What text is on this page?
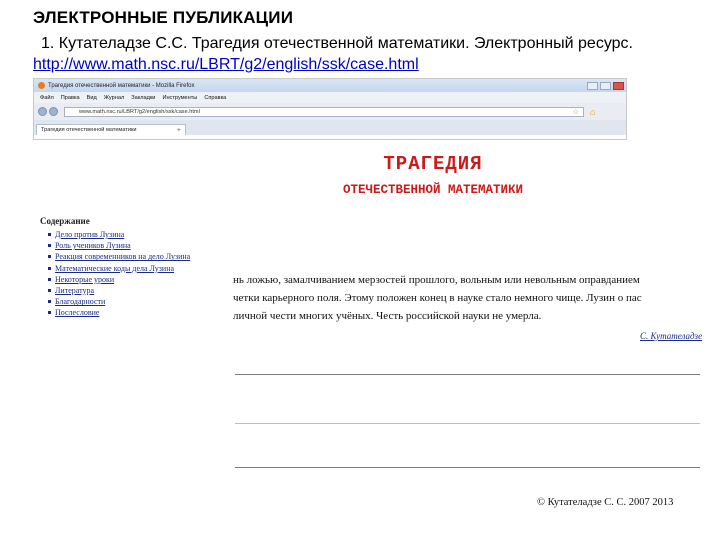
ЭЛЕКТРОННЫЕ ПУБЛИКАЦИИ
1. Кутателадзе С.С. Трагедия отечественной математики. Электронный ресурс. http://www.math.nsc.ru/LBRT/g2/english/ssk/case.html
Трагедия отечественной математики - Mozilla Firefox
Файл Правка Вид Журнал Закладки Инструменты Справка
www.math.nsc.ru/LBRT/g2/english/ssk/case.html	☆ ⌂
Трагедия отечественной математики	+
ТРАГЕДИЯ
ОТЕЧЕСТВЕННОЙ МАТЕМАТИКИ
Содержание
Дело против Лузина
Роль учеников Лузина
Реакция современников на дело Лузина
Математические коды дела Лузина
Некоторые уроки
Литература
Благодарности
Послесловие
нь ложью, замалчиванием мерзостей прошлого, вольным или невольным оправданием
четки карьерного поля. Этому положен конец в науке стало немного чище. Лузин о пас
личной чести многих учёных. Честь российской науки не умерла.
С. Кутателадзе
© Кутателадзе С. С. 2007 2013
